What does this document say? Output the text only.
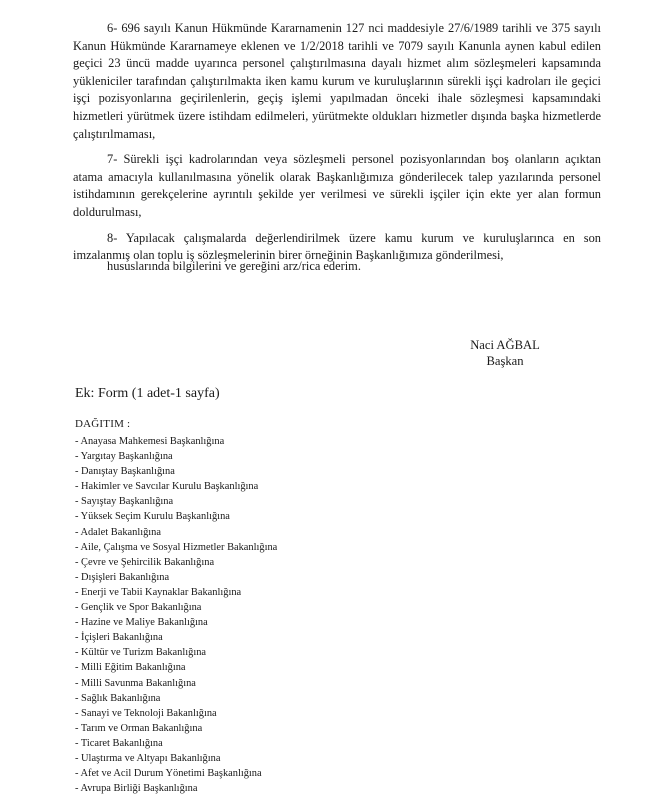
6- 696 sayılı Kanun Hükmünde Kararnamenin 127 nci maddesiyle 27/6/1989 tarihli ve 375 sayılı Kanun Hükmünde Kararnameye eklenen ve 1/2/2018 tarihli ve 7079 sayılı Kanunla aynen kabul edilen geçici 23 üncü madde uyarınca personel çalıştırılmasına dayalı hizmet alım sözleşmeleri kapsamında yükleniciler tarafından çalıştırılmakta iken kamu kurum ve kuruluşlarının sürekli işçi kadroları ile geçici işçi pozisyonlarına geçirilenlerin, geçiş işlemi yapılmadan önceki ihale sözleşmesi kapsamındaki hizmetleri yürütmek üzere istihdam edilmeleri, yürütmekte oldukları hizmetler dışında başka hizmetlerde çalıştırılmaması,

7- Sürekli işçi kadrolarından veya sözleşmeli personel pozisyonlarından boş olanların açıktan atama amacıyla kullanılmasına yönelik olarak Başkanlığımıza gönderilecek talep yazılarında personel istihdamının gerekçelerine ayrıntılı şekilde yer verilmesi ve sürekli işçiler için ekte yer alan formun doldurulması,

8- Yapılacak çalışmalarda değerlendirilmek üzere kamu kurum ve kuruluşlarınca en son imzalanmış olan toplu iş sözleşmelerinin birer örneğinin Başkanlığımıza gönderilmesi,

hususlarında bilgilerini ve gereğini arz/rica ederim.
Naci AĞBAL
Başkan
Ek: Form (1 adet-1 sayfa)
DAĞITIM :
- Anayasa Mahkemesi Başkanlığına
- Yargıtay Başkanlığına
- Danıştay Başkanlığına
- Hakimler ve Savcılar Kurulu Başkanlığına
- Sayıştay Başkanlığına
- Yüksek Seçim Kurulu Başkanlığına
- Adalet Bakanlığına
- Aile, Çalışma ve Sosyal Hizmetler Bakanlığına
- Çevre ve Şehircilik Bakanlığına
- Dışişleri Bakanlığına
- Enerji ve Tabii Kaynaklar Bakanlığına
- Gençlik ve Spor Bakanlığına
- Hazine ve Maliye Bakanlığına
- İçişleri Bakanlığına
- Kültür ve Turizm Bakanlığına
- Milli Eğitim Bakanlığına
- Milli Savunma Bakanlığına
- Sağlık Bakanlığına
- Sanayi ve Teknoloji Bakanlığına
- Tarım ve Orman Bakanlığına
- Ticaret Bakanlığına
- Ulaştırma ve Altyapı Bakanlığına
- Afet ve Acil Durum Yönetimi Başkanlığına
- Avrupa Birliği Başkanlığına
